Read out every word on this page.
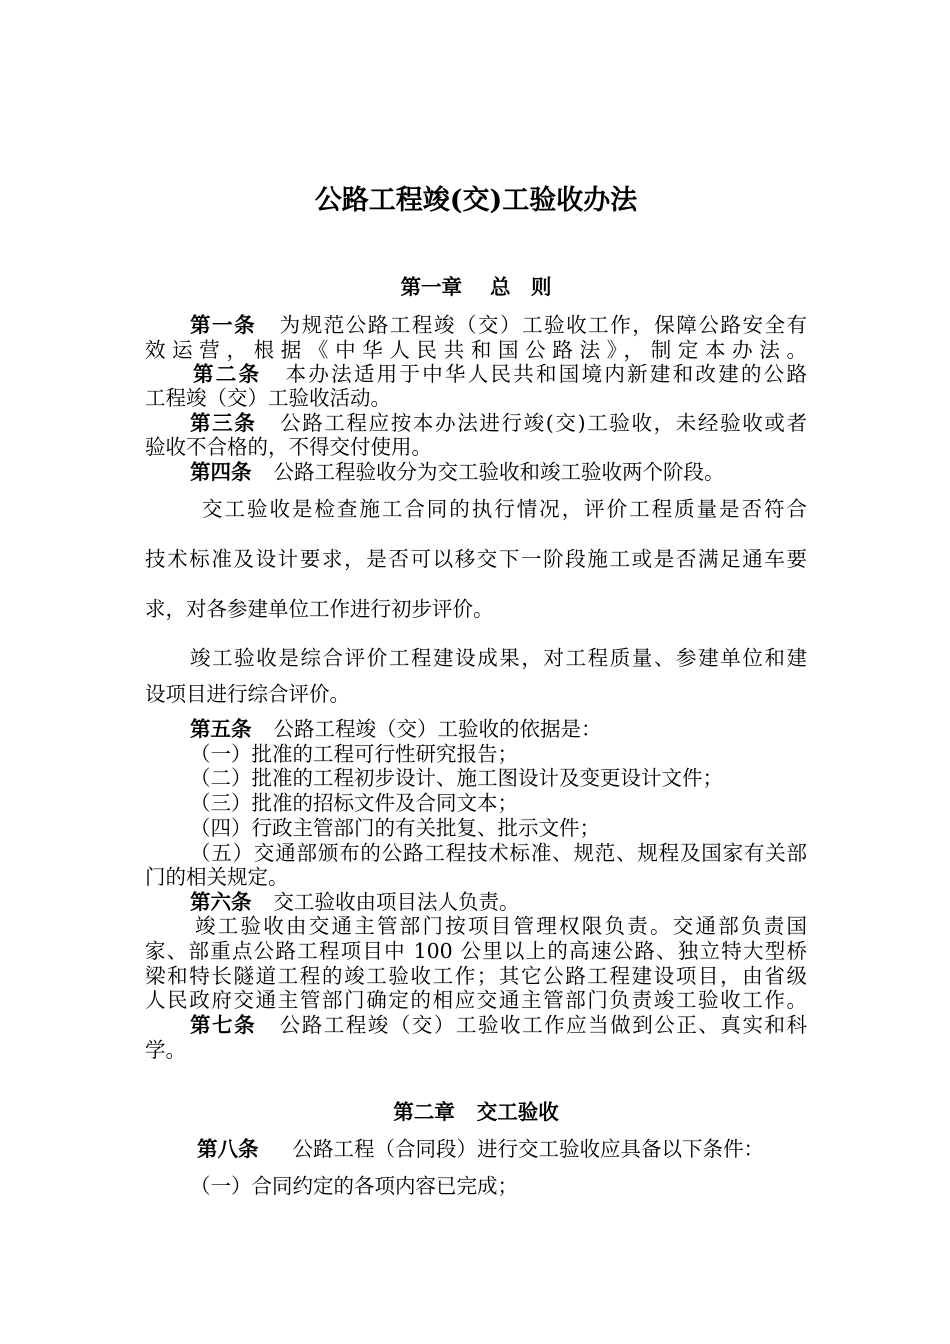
公路工程竣(交)工验收办法
第一章 总　则
第一条 为规范公路工程竣（交）工验收工作，保障公路安全有
效运营，根据《中华人民共和国公路法》，制定本办法。
第二条 本办法适用于中华人民共和国境内新建和改建的公路
工程竣（交）工验收活动。
第三条 公路工程应按本办法进行竣(交)工验收，未经验收或者
验收不合格的，不得交付使用。
第四条 公路工程验收分为交工验收和竣工验收两个阶段。
交工验收是检查施工合同的执行情况，评价工程质量是否符合
技术标准及设计要求，是否可以移交下一阶段施工或是否满足通车要
求，对各参建单位工作进行初步评价。
竣工验收是综合评价工程建设成果，对工程质量、参建单位和建
设项目进行综合评价。
第五条 公路工程竣（交）工验收的依据是：
（一）批准的工程可行性研究报告；
（二）批准的工程初步设计、施工图设计及变更设计文件；
（三）批准的招标文件及合同文本；
（四）行政主管部门的有关批复、批示文件；
（五）交通部颁布的公路工程技术标准、规范、规程及国家有关部
门的相关规定。
第六条 交工验收由项目法人负责。
竣工验收由交通主管部门按项目管理权限负责。交通部负责国
家、部重点公路工程项目中 100 公里以上的高速公路、独立特大型桥
梁和特长隧道工程的竣工验收工作；其它公路工程建设项目，由省级
人民政府交通主管部门确定的相应交通主管部门负责竣工验收工作。
第七条 公路工程竣（交）工验收工作应当做到公正、真实和科
学。
第二章 交工验收
第八条 公路工程（合同段）进行交工验收应具备以下条件：
（一）合同约定的各项内容已完成；
